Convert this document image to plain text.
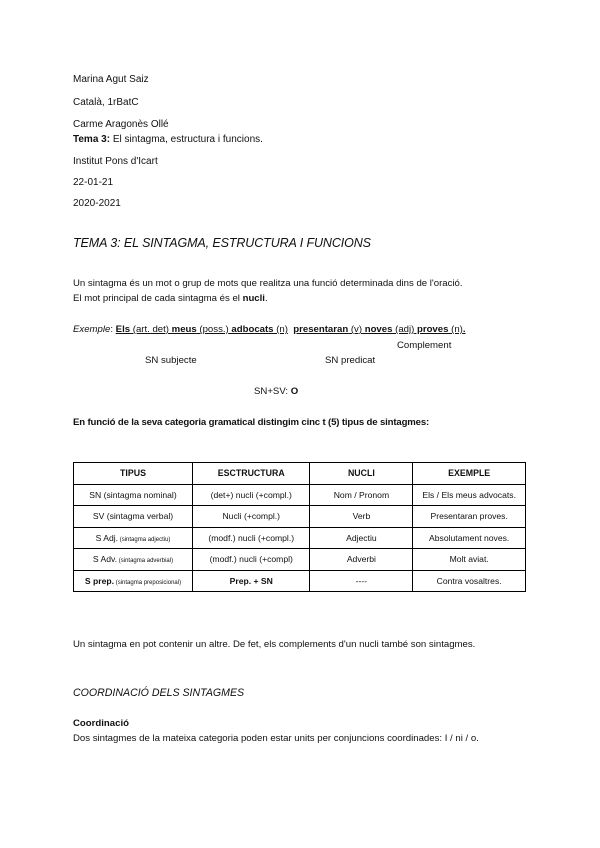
Marina Agut Saiz
Català, 1rBatC
Carme Aragonès Ollé
Tema 3: El sintagma, estructura i funcions.
Institut Pons d'Icart
22-01-21
2020-2021
TEMA 3: EL SINTAGMA, ESTRUCTURA I FUNCIONS
Un sintagma és un mot o grup de mots que realitza una funció determinada dins de l'oració.
El mot principal de cada sintagma és el nucli.
Exemple: Els (art. det) meus (poss.) adbocats (n) presentaran (v) noves (adj) proves (n).
Complement
SN subjecte	SN predicat
SN+SV: O
En funció de la seva categoria gramatical distingim cinc t (5) tipus de sintagmes:
TIPUS	ESCTRUCTURA	NUCLI	EXEMPLE
SN (sintagma nominal)	(det+) nucli (+compl.)	Nom / Pronom	Els / Els meus advocats.
SV (sintagma verbal)	Nucli (+compl.)	Verb	Presentaran proves.
S Adj. (sintagma adjectiu)	(modf.) nucli (+compl.)	Adjectiu	Absolutament noves.
S Adv. (sintagma adverbial)	(modf.) nucli (+compl)	Adverbi	Molt aviat.
S prep. (sintagma preposicional)	Prep. + SN	----	Contra vosaltres.
Un sintagma en pot contenir un altre. De fet, els complements d'un nucli també son sintagmes.
COORDINACIÓ DELS SINTAGMES
Coordinació
Dos sintagmes de la mateixa categoria poden estar units per conjuncions coordinades: I / ni / o.
